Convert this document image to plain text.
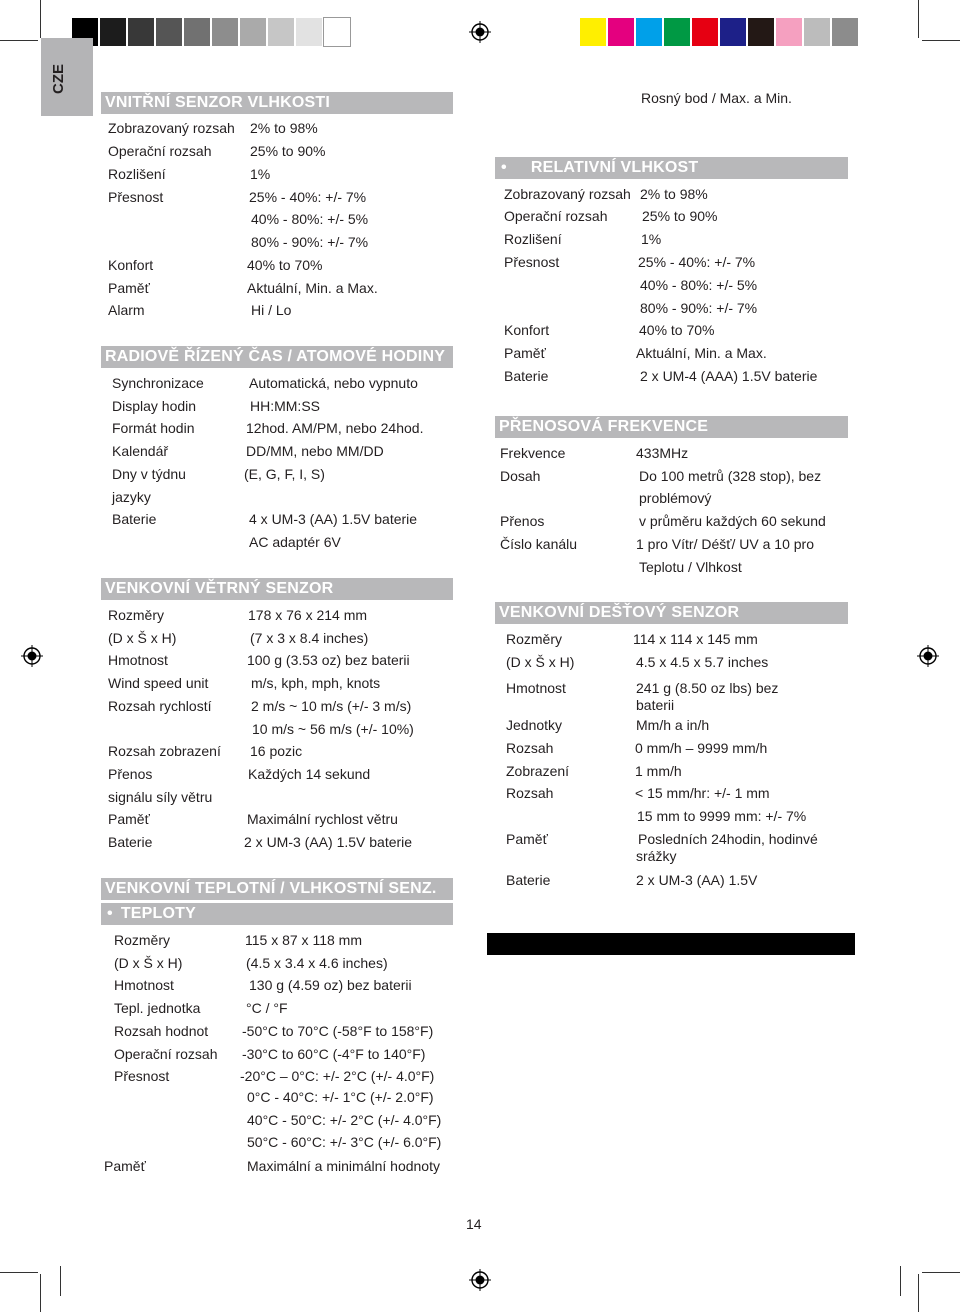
CZE
VNITŘNÍ SENZOR VLHKOSTI
Zobrazovaný rozsah 2% to 98%
Operační rozsah	25% to 90%
Rozlišení	1%
Přesnost	25% - 40%: +/- 7%
40% - 80%: +/- 5%
80% - 90%: +/- 7%
Konfort	40% to 70%
Paměť	Aktuální, Min. a Max.
Alarm	Hi / Lo
RADIOVĚ ŘÍZENÝ ČAS / ATOMOVÉ HODINY
Synchronizace	Automatická, nebo vypnuto
Display hodin	HH:MM:SS
Formát hodin	12hod. AM/PM, nebo 24hod.
Kalendář	DD/MM, nebo MM/DD
Dny v týdnu	(E, G, F, I, S)
jazyky
Baterie	4 x UM-3 (AA) 1.5V baterie
AC adaptér 6V
VENKOVNÍ VĚTRNÝ SENZOR
Rozměry	178 x 76 x 214 mm
(D x Š x H)	(7 x 3 x 8.4 inches)
Hmotnost	100 g (3.53 oz) bez baterii
Wind speed unit	m/s, kph, mph, knots
Rozsah rychlostí	2 m/s ~ 10 m/s (+/- 3 m/s)
10 m/s ~ 56 m/s (+/- 10%)
Rozsah zobrazení 16 pozic
Přenos	Každých 14 sekund
signálu síly větru
Paměť	Maximální rychlost větru
Baterie	2 x UM-3 (AA) 1.5V baterie
VENKOVNÍ TEPLOTNÍ / VLHKOSTNÍ SENZ.
• TEPLOTY
Rozměry	115 x 87 x 118 mm
(D x Š x H)	(4.5 x 3.4 x 4.6 inches)
Hmotnost	130 g (4.59 oz) bez baterii
Tepl. jednotka	°C / °F
Rozsah hodnot -50°C to 70°C (-58°F to 158°F)
Operační rozsah -30°C to 60°C (-4°F to 140°F)
Přesnost	-20°C – 0°C: +/- 2°C (+/- 4.0°F)
0°C - 40°C: +/- 1°C (+/- 2.0°F)
40°C - 50°C: +/- 2°C (+/- 4.0°F)
50°C - 60°C: +/- 3°C (+/- 6.0°F)
Paměť	Maximální a minimální hodnoty
Rosný bod / Max. a Min.
• RELATIVNÍ VLHKOST
Zobrazovaný rozsah 2% to 98%
Operační rozsah 25% to 90%
Rozlišení	1%
Přesnost	25% - 40%: +/- 7%
40% - 80%: +/- 5%
80% - 90%: +/- 7%
Konfort	40% to 70%
Paměť	Aktuální, Min. a Max.
Baterie	2 x UM-4 (AAA) 1.5V baterie
PŘENOSOVÁ FREKVENCE
Frekvence	433MHz
Dosah	Do 100 metrů (328 stop), bez
problémový
Přenos	v průměru každých 60 sekund
Číslo kanálu	1 pro Vítr/ Déšť/ UV a 10 pro
Teplotu / Vlhkost
VENKOVNÍ DEŠŤOVÝ SENZOR
Rozměry	114 x 114 x 145 mm
(D x Š x H)	4.5 x 4.5 x 5.7 inches
Hmotnost	241 g (8.50 oz lbs) bez
baterii
Jednotky	Mm/h a in/h
Rozsah	0 mm/h – 9999 mm/h
Zobrazení	1 mm/h
Rozsah	< 15 mm/hr: +/- 1 mm
15 mm to 9999 mm: +/- 7%
Paměť	Posledních 24hodin, hodinvé
srážky
Baterie	2 x UM-3 (AA) 1.5V
14
